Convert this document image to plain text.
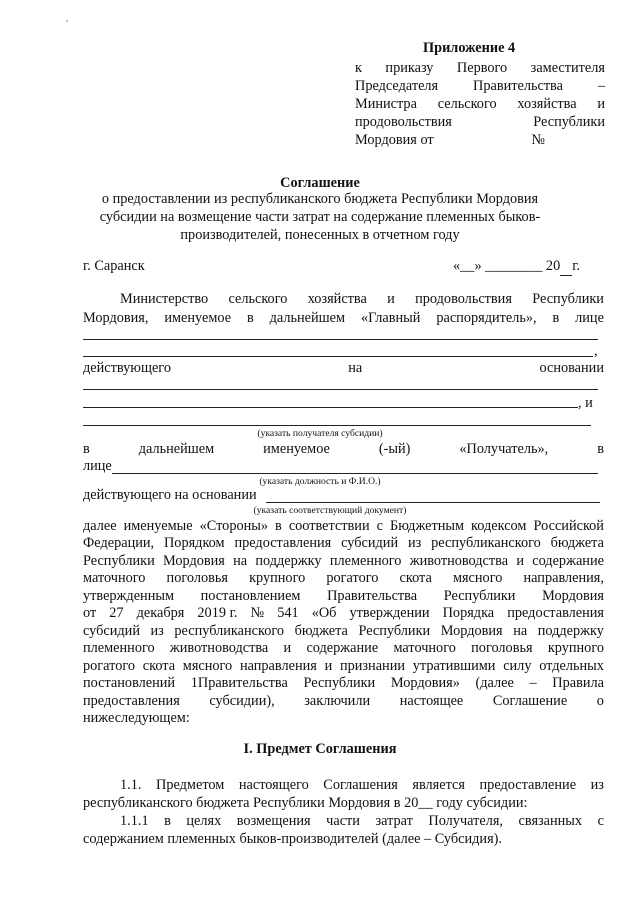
Приложение 4
к приказу Первого заместителя
Председателя Правительства –
Министра сельского хозяйства и
продовольствия	Республики
Мордовия от	№
Соглашение
о предоставлении из республиканского бюджета Республики Мордовия
субсидии на возмещение части затрат на содержание племенных быков-
производителей, понесенных в отчетном году
г. Саранск	«__» ________ 20 г.
Министерство сельского хозяйства и продовольствия Республики
Мордовия, именуемое в дальнейшем «Главный распорядитель», в лице
,
действующего	на	основании
, и
(указать получателя субсидии)
в	дальнейшем	именуемое	(-ый)	«Получатель»,	в
лице
(указать должность и Ф.И.О.)
действующего на основании
(указать соответствующий документ)
далее именуемые «Стороны» в соответствии с Бюджетным кодексом Российской
Федерации, Порядком предоставления субсидий из республиканского бюджета
Республики Мордовия на поддержку племенного животноводства и содержание
маточного поголовья крупного рогатого скота мясного направления,
утвержденным постановлением Правительства Республики Мордовия
от 27 декабря 2019 г. № 541 «Об утверждении Порядка предоставления
субсидий из республиканского бюджета Республики Мордовия на поддержку
племенного животноводства и содержание маточного поголовья крупного
рогатого скота мясного направления и признании утратившими силу отдельных
постановлений 1Правительства Республики Мордовия» (далее – Правила
предоставления субсидии), заключили настоящее Соглашение о
нижеследующем:
I. Предмет Соглашения
1.1. Предметом настоящего Соглашения является предоставление из
республиканского бюджета Республики Мордовия в 20__ году субсидии:
1.1.1 в целях возмещения части затрат Получателя, связанных с
содержанием племенных быков-производителей (далее – Субсидия).
